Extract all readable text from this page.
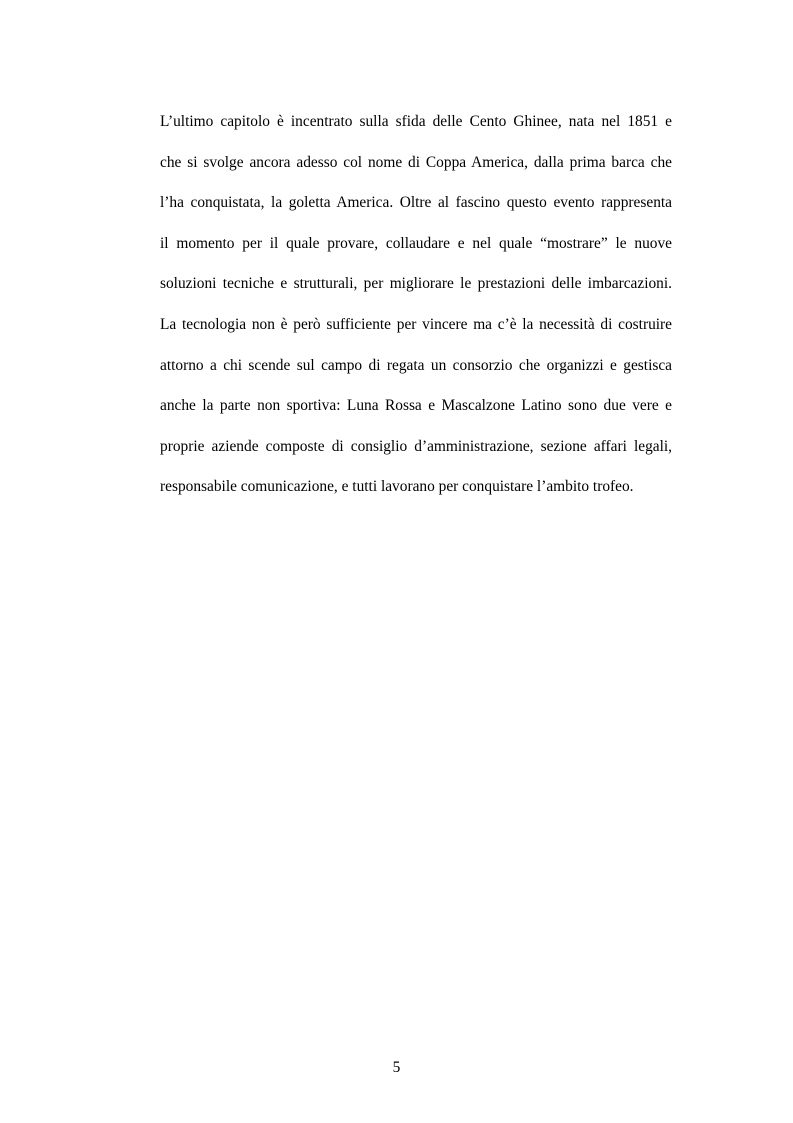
L’ultimo capitolo è incentrato sulla sfida delle Cento Ghinee, nata nel 1851 e
che si svolge ancora adesso col nome di Coppa America, dalla prima barca che
l’ha conquistata, la goletta America. Oltre al fascino questo evento rappresenta
il momento per il quale provare, collaudare e nel quale “mostrare” le nuove
soluzioni tecniche e strutturali, per migliorare le prestazioni delle imbarcazioni.
La tecnologia non è però sufficiente per vincere ma c’è la necessità di costruire
attorno a chi scende sul campo di regata un consorzio che organizzi e gestisca
anche la parte non sportiva: Luna Rossa e Mascalzone Latino sono due vere e
proprie aziende composte di consiglio d’amministrazione, sezione affari legali,
responsabile comunicazione, e tutti lavorano per conquistare l’ambito trofeo.
5
